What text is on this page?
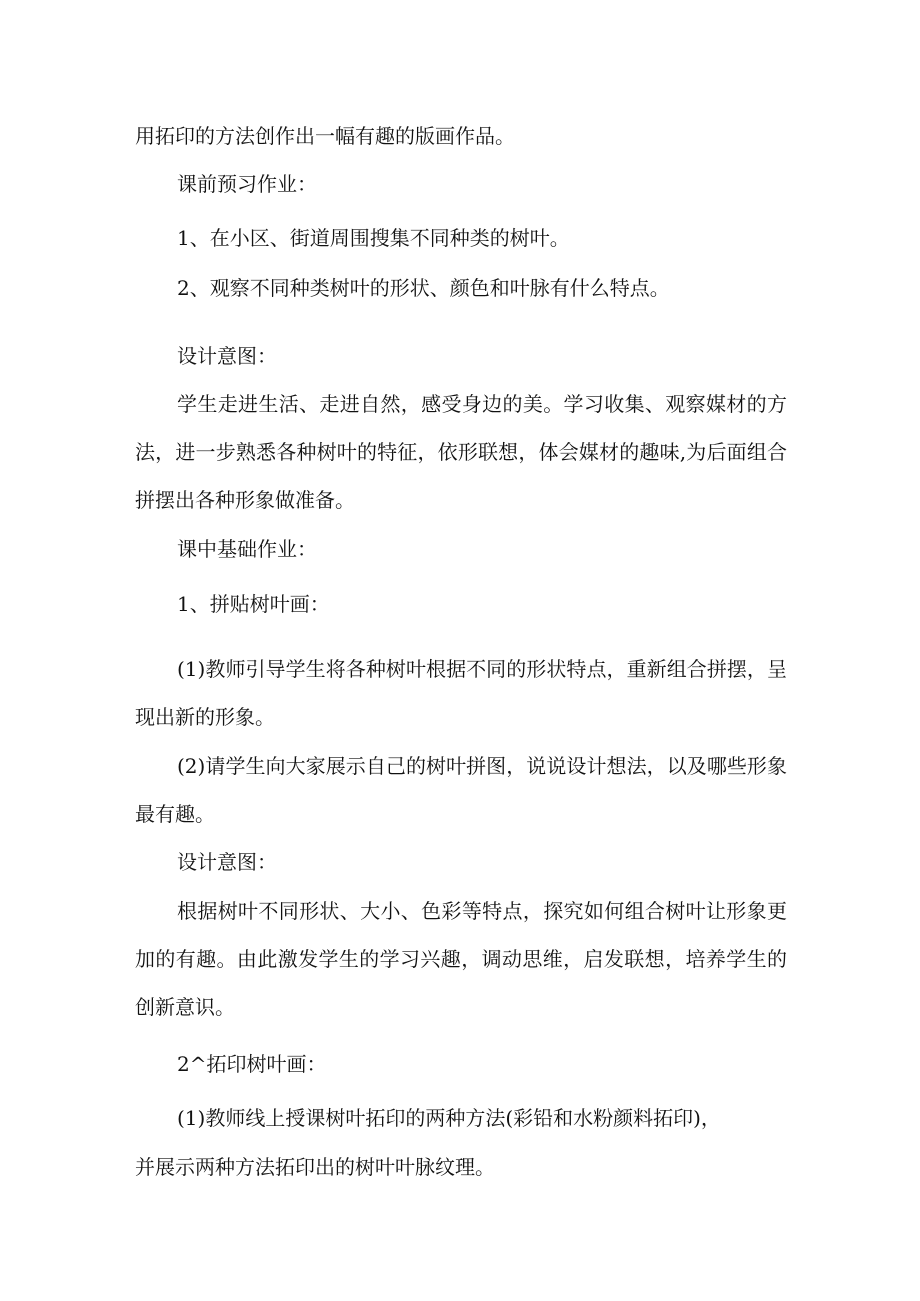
用拓印的方法创作出一幅有趣的版画作品。
课前预习作业：
1、在小区、街道周围搜集不同种类的树叶。
2、观察不同种类树叶的形状、颜色和叶脉有什么特点。
设计意图：
学生走进生活、走进自然，感受身边的美。学习收集、观察媒材的方
法，进一步熟悉各种树叶的特征，依形联想，体会媒材的趣味,为后面组合
拼摆出各种形象做准备。
课中基础作业：
1、拼贴树叶画：
(1)教师引导学生将各种树叶根据不同的形状特点，重新组合拼摆，呈
现出新的形象。
(2)请学生向大家展示自己的树叶拼图，说说设计想法，以及哪些形象
最有趣。
设计意图：
根据树叶不同形状、大小、色彩等特点，探究如何组合树叶让形象更
加的有趣。由此激发学生的学习兴趣，调动思维，启发联想，培养学生的
创新意识。
2^拓印树叶画：
(1)教师线上授课树叶拓印的两种方法(彩铅和水粉颜料拓印)，
并展示两种方法拓印出的树叶叶脉纹理。
